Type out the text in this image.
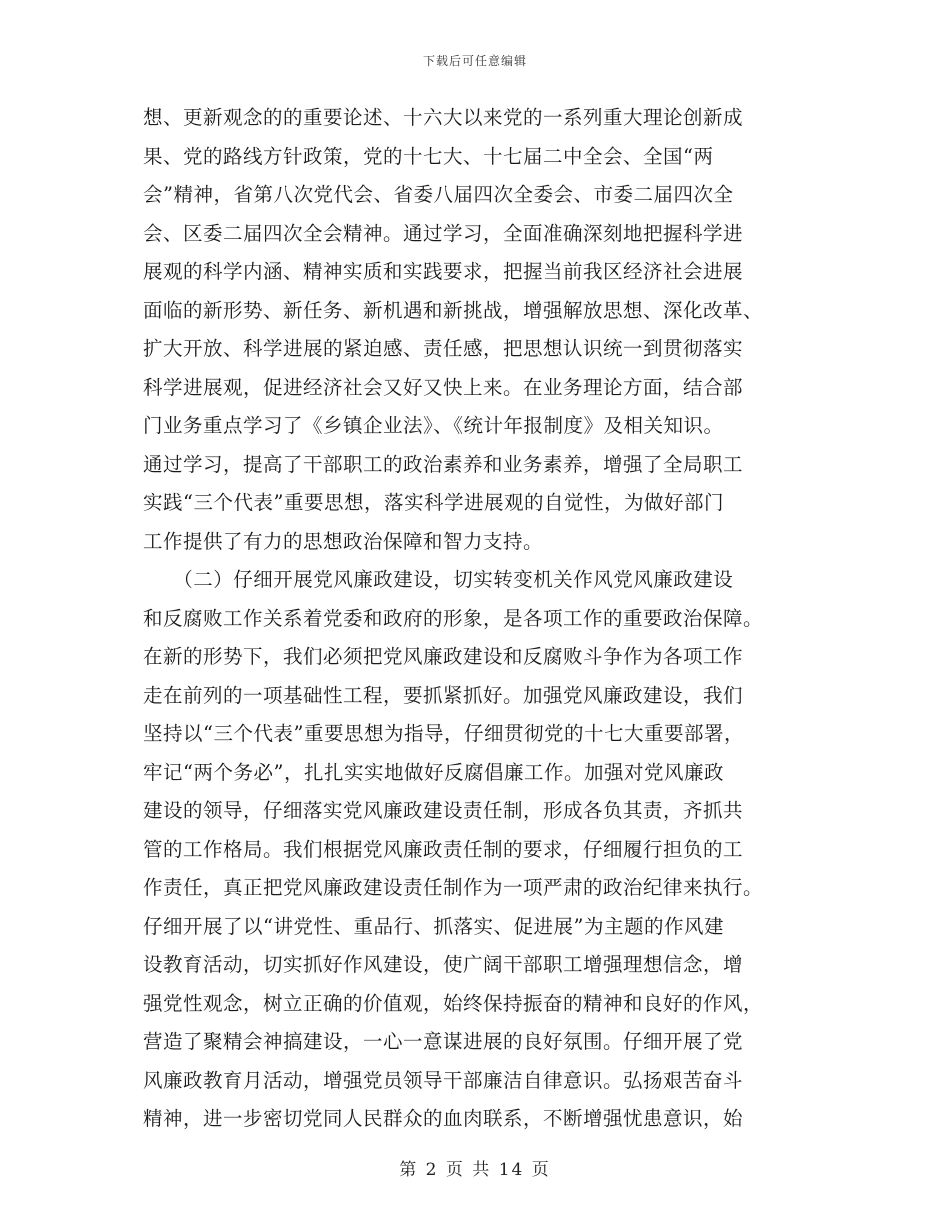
下载后可任意编辑
想、更新观念的的重要论述、十六大以来党的一系列重大理论创新成
果、党的路线方针政策，党的十七大、十七届二中全会、全国“两
会”精神，省第八次党代会、省委八届四次全委会、市委二届四次全
会、区委二届四次全会精神。通过学习，全面准确深刻地把握科学进
展观的科学内涵、精神实质和实践要求，把握当前我区经济社会进展
面临的新形势、新任务、新机遇和新挑战，增强解放思想、深化改革、
扩大开放、科学进展的紧迫感、责任感，把思想认识统一到贯彻落实
科学进展观，促进经济社会又好又快上来。在业务理论方面，结合部
门业务重点学习了《乡镇企业法》、《统计年报制度》及相关知识。
通过学习，提高了干部职工的政治素养和业务素养，增强了全局职工
实践“三个代表”重要思想，落实科学进展观的自觉性，为做好部门
工作提供了有力的思想政治保障和智力支持。
　　（二）仔细开展党风廉政建设，切实转变机关作风党风廉政建设
和反腐败工作关系着党委和政府的形象，是各项工作的重要政治保障。
在新的形势下，我们必须把党风廉政建设和反腐败斗争作为各项工作
走在前列的一项基础性工程，要抓紧抓好。加强党风廉政建设，我们
坚持以“三个代表”重要思想为指导，仔细贯彻党的十七大重要部署，
牢记“两个务必”，扎扎实实地做好反腐倡廉工作。加强对党风廉政
建设的领导，仔细落实党风廉政建设责任制，形成各负其责，齐抓共
管的工作格局。我们根据党风廉政责任制的要求，仔细履行担负的工
作责任，真正把党风廉政建设责任制作为一项严肃的政治纪律来执行。
仔细开展了以“讲党性、重品行、抓落实、促进展”为主题的作风建
设教育活动，切实抓好作风建设，使广阔干部职工增强理想信念，增
强党性观念，树立正确的价值观，始终保持振奋的精神和良好的作风，
营造了聚精会神搞建设，一心一意谋进展的良好氛围。仔细开展了党
风廉政教育月活动，增强党员领导干部廉洁自律意识。弘扬艰苦奋斗
精神，进一步密切党同人民群众的血肉联系，不断增强忧患意识，始
第 2 页 共 14 页
